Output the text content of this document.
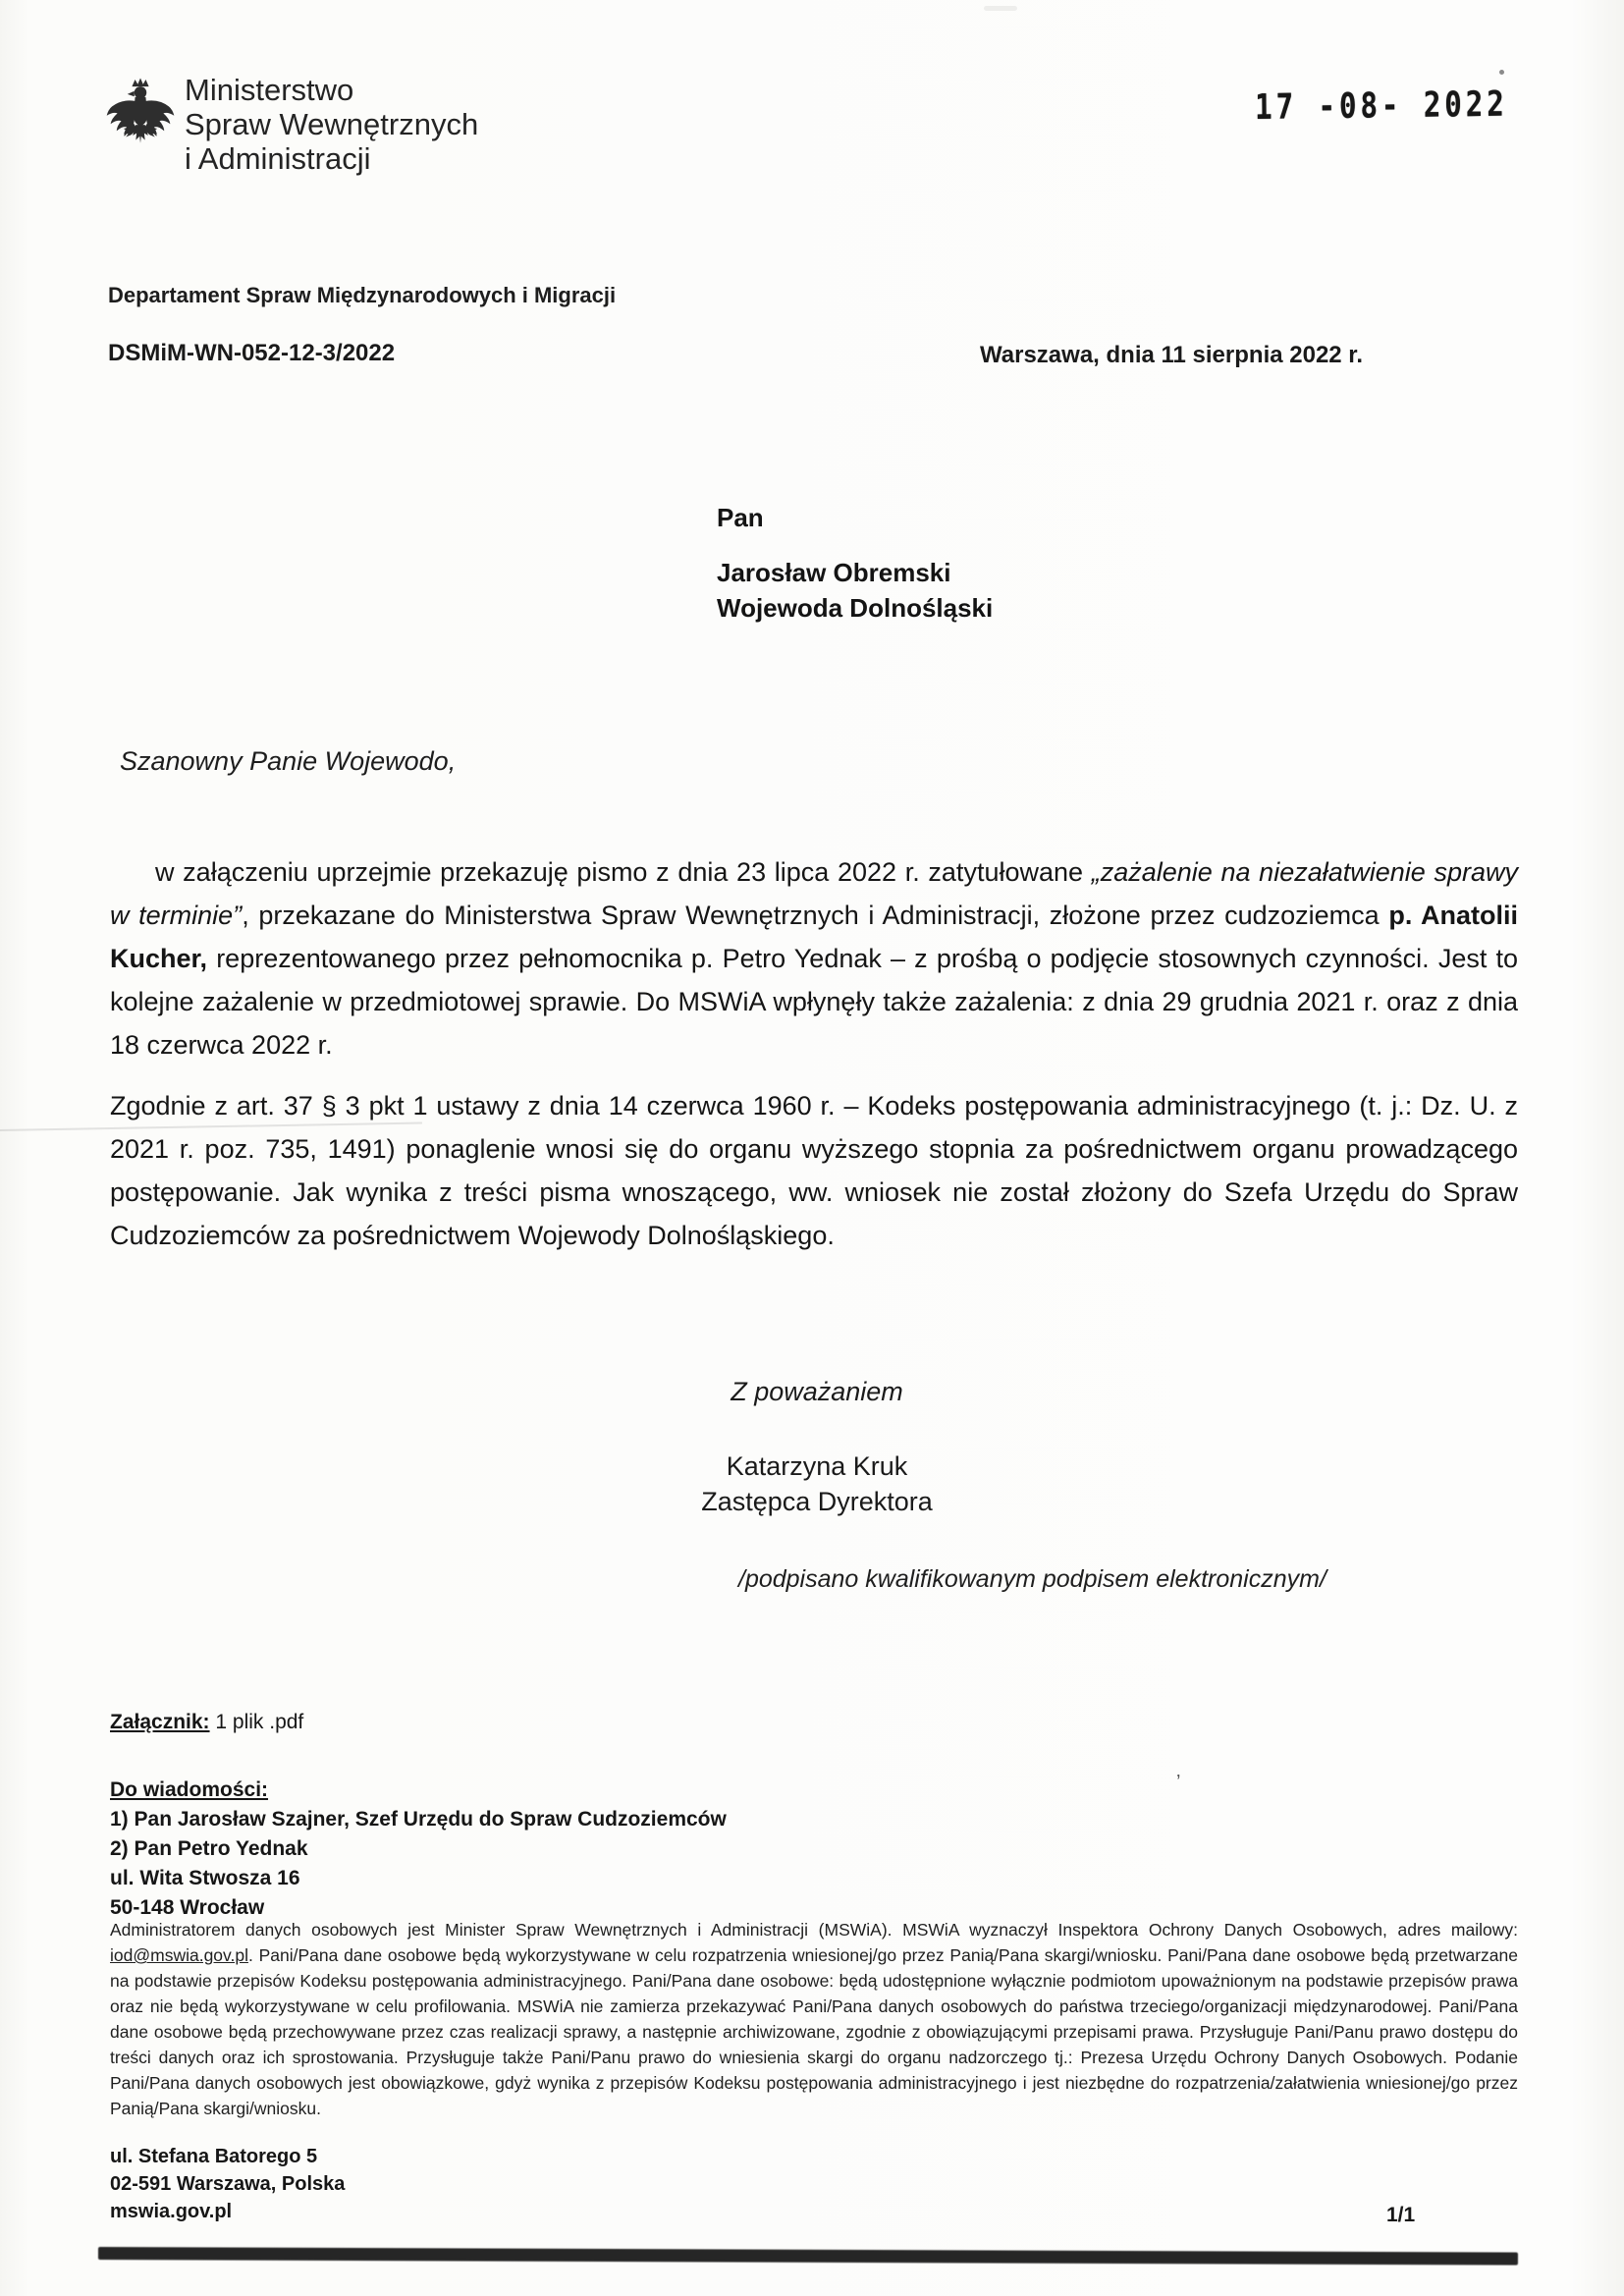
Ministerstwo
Spraw Wewnętrznych
i Administracji
17 -08- 2022
Departament Spraw Międzynarodowych i Migracji
DSMiM-WN-052-12-3/2022	Warszawa, dnia 11 sierpnia 2022 r.
Pan
Jarosław Obremski
Wojewoda Dolnośląski
Szanowny Panie Wojewodo,

w załączeniu uprzejmie przekazuję pismo z dnia 23 lipca 2022 r. zatytułowane „zażalenie na niezałatwienie sprawy w terminie”, przekazane do Ministerstwa Spraw Wewnętrznych i Administracji, złożone przez cudzoziemca p. Anatolii Kucher, reprezentowanego przez pełnomocnika p. Petro Yednak – z prośbą o podjęcie stosownych czynności. Jest to kolejne zażalenie w przedmiotowej sprawie. Do MSWiA wpłynęły także zażalenia: z dnia 29 grudnia 2021 r. oraz z dnia 18 czerwca 2022 r.

Zgodnie z art. 37 § 3 pkt 1 ustawy z dnia 14 czerwca 1960 r. – Kodeks postępowania administracyjnego (t. j.: Dz. U. z 2021 r. poz. 735, 1491) ponaglenie wnosi się do organu wyższego stopnia za pośrednictwem organu prowadzącego postępowanie. Jak wynika z treści pisma wnoszącego, ww. wniosek nie został złożony do Szefa Urzędu do Spraw Cudzoziemców za pośrednictwem Wojewody Dolnośląskiego.

Z poważaniem
Katarzyna Kruk
Zastępca Dyrektora
/podpisano kwalifikowanym podpisem elektronicznym/
Załącznik: 1 plik .pdf
Do wiadomości:
1) Pan Jarosław Szajner, Szef Urzędu do Spraw Cudzoziemców
2) Pan Petro Yednak
ul. Wita Stwosza 16
50-148 Wrocław
’
Administratorem danych osobowych jest Minister Spraw Wewnętrznych i Administracji (MSWiA). MSWiA wyznaczył Inspektora Ochrony Danych Osobowych, adres mailowy: iod@mswia.gov.pl. Pani/Pana dane osobowe będą wykorzystywane w celu rozpatrzenia wniesionej/go przez Panią/Pana skargi/wniosku. Pani/Pana dane osobowe będą przetwarzane na podstawie przepisów Kodeksu postępowania administracyjnego. Pani/Pana dane osobowe: będą udostępnione wyłącznie podmiotom upoważnionym na podstawie przepisów prawa oraz nie będą wykorzystywane w celu profilowania. MSWiA nie zamierza przekazywać Pani/Pana danych osobowych do państwa trzeciego/organizacji międzynarodowej. Pani/Pana dane osobowe będą przechowywane przez czas realizacji sprawy, a następnie archiwizowane, zgodnie z obowiązującymi przepisami prawa. Przysługuje Pani/Panu prawo dostępu do treści danych oraz ich sprostowania. Przysługuje także Pani/Panu prawo do wniesienia skargi do organu nadzorczego tj.: Prezesa Urzędu Ochrony Danych Osobowych. Podanie Pani/Pana danych osobowych jest obowiązkowe, gdyż wynika z przepisów Kodeksu postępowania administracyjnego i jest niezbędne do rozpatrzenia/załatwienia wniesionej/go przez Panią/Pana skargi/wniosku.
ul. Stefana Batorego 5
02-591 Warszawa, Polska
mswia.gov.pl	1/1
